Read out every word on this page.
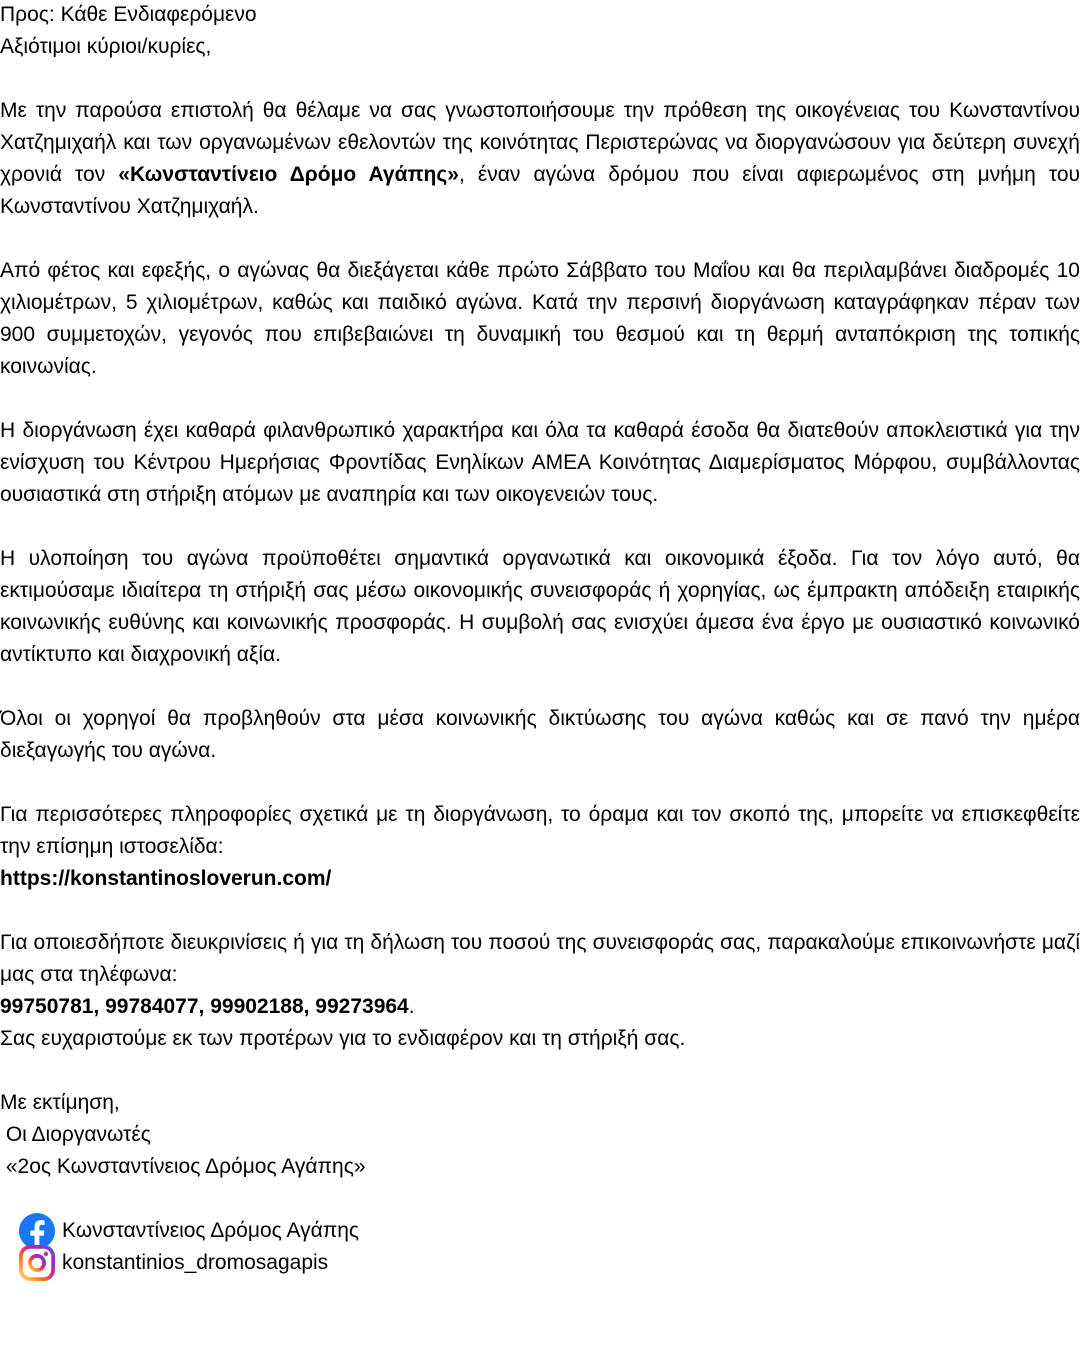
Προς: Κάθε Ενδιαφερόμενο
Αξιότιμοι κύριοι/κυρίες,

Με την παρούσα επιστολή θα θέλαμε να σας γνωστοποιήσουμε την πρόθεση της οικογένειας του Κωνσταντίνου Χατζημιχαήλ και των οργανωμένων εθελοντών της κοινότητας Περιστερώνας να διοργανώσουν για δεύτερη συνεχή χρονιά τον «Κωνσταντίνειο Δρόμο Αγάπης», έναν αγώνα δρόμου που είναι αφιερωμένος στη μνήμη του Κωνσταντίνου Χατζημιχαήλ.

Από φέτος και εφεξής, ο αγώνας θα διεξάγεται κάθε πρώτο Σάββατο του Μαΐου και θα περιλαμβάνει διαδρομές 10 χιλιομέτρων, 5 χιλιομέτρων, καθώς και παιδικό αγώνα. Κατά την περσινή διοργάνωση καταγράφηκαν πέραν των 900 συμμετοχών, γεγονός που επιβεβαιώνει τη δυναμική του θεσμού και τη θερμή ανταπόκριση της τοπικής κοινωνίας.

Η διοργάνωση έχει καθαρά φιλανθρωπικό χαρακτήρα και όλα τα καθαρά έσοδα θα διατεθούν αποκλειστικά για την ενίσχυση του Κέντρου Ημερήσιας Φροντίδας Ενηλίκων ΑΜΕΑ Κοινότητας Διαμερίσματος Μόρφου, συμβάλλοντας ουσιαστικά στη στήριξη ατόμων με αναπηρία και των οικογενειών τους.

Η υλοποίηση του αγώνα προϋποθέτει σημαντικά οργανωτικά και οικονομικά έξοδα. Για τον λόγο αυτό, θα εκτιμούσαμε ιδιαίτερα τη στήριξή σας μέσω οικονομικής συνεισφοράς ή χορηγίας, ως έμπρακτη απόδειξη εταιρικής κοινωνικής ευθύνης και κοινωνικής προσφοράς. Η συμβολή σας ενισχύει άμεσα ένα έργο με ουσιαστικό κοινωνικό αντίκτυπο και διαχρονική αξία.

Όλοι οι χορηγοί θα προβληθούν στα μέσα κοινωνικής δικτύωσης του αγώνα καθώς και σε πανό την ημέρα διεξαγωγής του αγώνα.

Για περισσότερες πληροφορίες σχετικά με τη διοργάνωση, το όραμα και τον σκοπό της, μπορείτε να επισκεφθείτε την επίσημη ιστοσελίδα:

https://konstantinosloverun.com/

Για οποιεσδήποτε διευκρινίσεις ή για τη δήλωση του ποσού της συνεισφοράς σας, παρακαλούμε επικοινωνήστε μαζί μας στα τηλέφωνα:

99750781, 99784077, 99902188, 99273964.
Σας ευχαριστούμε εκ των προτέρων για το ενδιαφέρον και τη στήριξή σας.
Με εκτίμηση,
Οι Διοργανωτές
«2ος Κωνσταντίνειος Δρόμος Αγάπης»
Κωνσταντίνειος Δρόμος Αγάπης
konstantinios_dromosagapis
